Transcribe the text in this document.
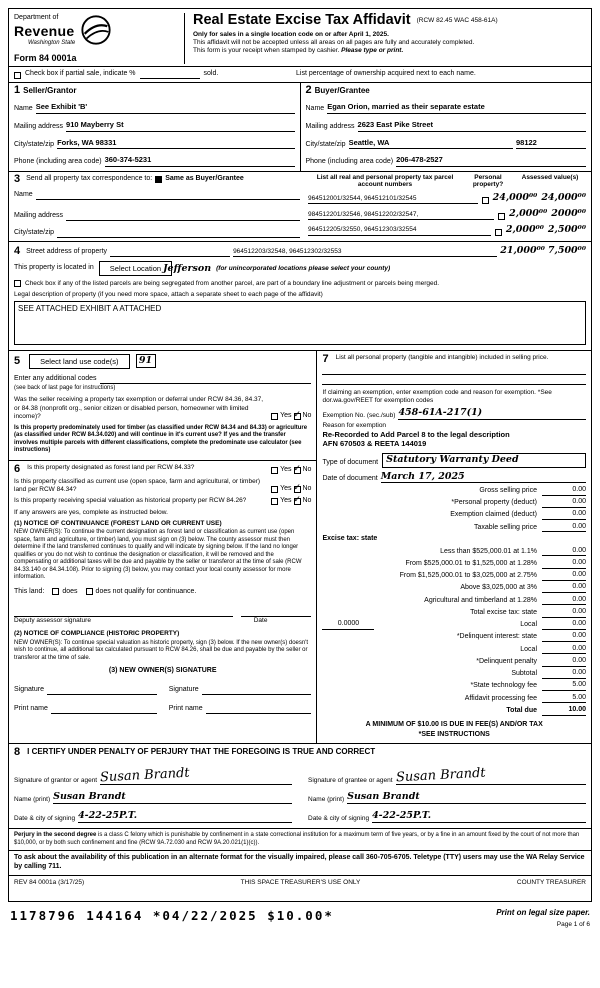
Department of
Revenue
Washington State
Form 84 0001a
Real Estate Excise Tax Affidavit (RCW 82.45 WAC 458-61A)
Only for sales in a single location code on or after April 1, 2025.
This affidavit will not be accepted unless all areas on all pages are fully and accurately completed.
This form is your receipt when stamped by cashier. Please type or print.
Check box if partial sale, indicate %	sold.	List percentage of ownership acquired next to each name.
1 Seller/Grantor
Name See Exhibit 'B'
Mailing address 910 Mayberry St
City/state/zip Forks, WA 98331
Phone (including area code) 360-374-5231
2 Buyer/Grantee
Name Egan Orion, married as their separate estate
Mailing address 2623 East Pike Street
City/state/zip Seattle, WA	98122
Phone (including area code) 206-478-2527
3 Send all property tax correspondence to: Same as Buyer/Grantee
Name
Mailing address
City/state/zip
List all real and personal property tax parcel account numbers
Personal property?
Assessed value(s)
964512001/32544, 964512101/32545	24,000⁰⁰ 24,000⁰⁰
984512201/32546, 984512202/32547,	2,000⁰⁰ 2000⁰⁰
964512205/32550, 964512303/32554	2,000⁰⁰ 2,500⁰⁰
4 Street address of property	964512203/32548, 964512302/32553	21,000⁰⁰ 7,500⁰⁰
This property is located in	Select Location Jefferson (for unincorporated locations please select your county)
Check box if any of the listed parcels are being segregated from another parcel, are part of a boundary line adjustment or parcels being merged.
Legal description of property (if you need more space, attach a separate sheet to each page of the affidavit)
SEE ATTACHED EXHIBIT A ATTACHED
5	Select land use code(s)	91
Enter any additional codes
(see back of last page for instructions)
Was the seller receiving a property tax exemption or deferral under RCW 84.36, 84.37, or 84.38 (nonprofit org., senior citizen or disabled person, homeowner with limited income)?	Yes ✓ No
Is this property predominately used for timber (as classified under RCW 84.34 and 84.33) or agriculture (as classified under RCW 84.34.020) and will continue in it's current use? If yes and the transfer involves multiple parcels with different classifications, complete the predominate use calculator (see instructions)
6 Is this property designated as forest land per RCW 84.33?	Yes ✓ No
Is this property classified as current use (open space, farm and agricultural, or timber) land per RCW 84.34?	Yes ✓ No
Is this property receiving special valuation as historical property per RCW 84.26?	Yes ✓ No
If any answers are yes, complete as instructed below.
(1) NOTICE OF CONTINUANCE (FOREST LAND OR CURRENT USE)
NEW OWNER(S): To continue the current designation as forest land or classification as current use (open space, farm and agriculture, or timber) land, you must sign on (3) below. The county assessor must then determine if the land transferred continues to qualify and will indicate by signing below. If the land no longer qualifies or you do not wish to continue the designation or classification, it will be removed and the compensating or additional taxes will be due and payable by the seller or transferor at the time of sale (RCW 84.33.140 or 84.34.108). Prior to signing (3) below, you may contact your local county assessor for more information.
This land:	does	does not qualify for continuance.
Deputy assessor signature	Date
(2) NOTICE OF COMPLIANCE (HISTORIC PROPERTY)
NEW OWNER(S): To continue special valuation as historic property, sign (3) below. If the new owner(s) doesn't wish to continue, all additional tax calculated pursuant to RCW 84.26, shall be due and payable by the seller or transferor at the time of sale.
(3) NEW OWNER(S) SIGNATURE
Signature	Signature
Print name	Print name
7 List all personal property (tangible and intangible) included in selling price.
If claiming an exemption, enter exemption code and reason for exemption. *See dor.wa.gov/REET for exemption codes
Exemption No. (sec./sub) 458-61A-217(1)
Reason for exemption
Re-Recorded to Add Parcel 8 to the legal description
AFN 670503 & REETA 144019
Type of document Statutory Warranty Deed
Date of document March 17, 2025
Gross selling price	0.00
*Personal property (deduct)	0.00
Exemption claimed (deduct)	0.00
Taxable selling price	0.00
Excise tax: state
Less than $525,000.01 at 1.1%	0.00
From $525,000.01 to $1,525,000 at 1.28%	0.00
From $1,525,000.01 to $3,025,000 at 2.75%	0.00
Above $3,025,000 at 3%	0.00
Agricultural and timberland at 1.28%	0.00
Total excise tax: state	0.00
0.0000	Local	0.00
*Delinquent interest: state	0.00
Local	0.00
*Delinquent penalty	0.00
Subtotal	0.00
*State technology fee	5.00
Affidavit processing fee	5.00
Total due	10.00
A MINIMUM OF $10.00 IS DUE IN FEE(S) AND/OR TAX
*SEE INSTRUCTIONS
8 I CERTIFY UNDER PENALTY OF PERJURY THAT THE FOREGOING IS TRUE AND CORRECT
Signature of grantor or agent Susan Brandt
Name (print) Susan Brandt
Date & city of signing 4-22-25P.T.
Signature of grantee or agent Susan Brandt
Name (print) Susan Brandt
Date & city of signing 4-22-25P.T.
Perjury in the second degree is a class C felony which is punishable by confinement in a state correctional institution for a maximum term of five years, or by a fine in an amount fixed by the court of not more than $10,000, or by both such confinement and fine (RCW 9A.72.030 and RCW 9A.20.021(1)(c)).
To ask about the availability of this publication in an alternate format for the visually impaired, please call 360-705-6705. Teletype (TTY) users may use the WA Relay Service by calling 711.
REV 84 0001a (3/17/25)	THIS SPACE TREASURER'S USE ONLY	COUNTY TREASURER
1178796 144164 *04/22/2025 $10.00*	Print on legal size paper.
Page 1 of 6
